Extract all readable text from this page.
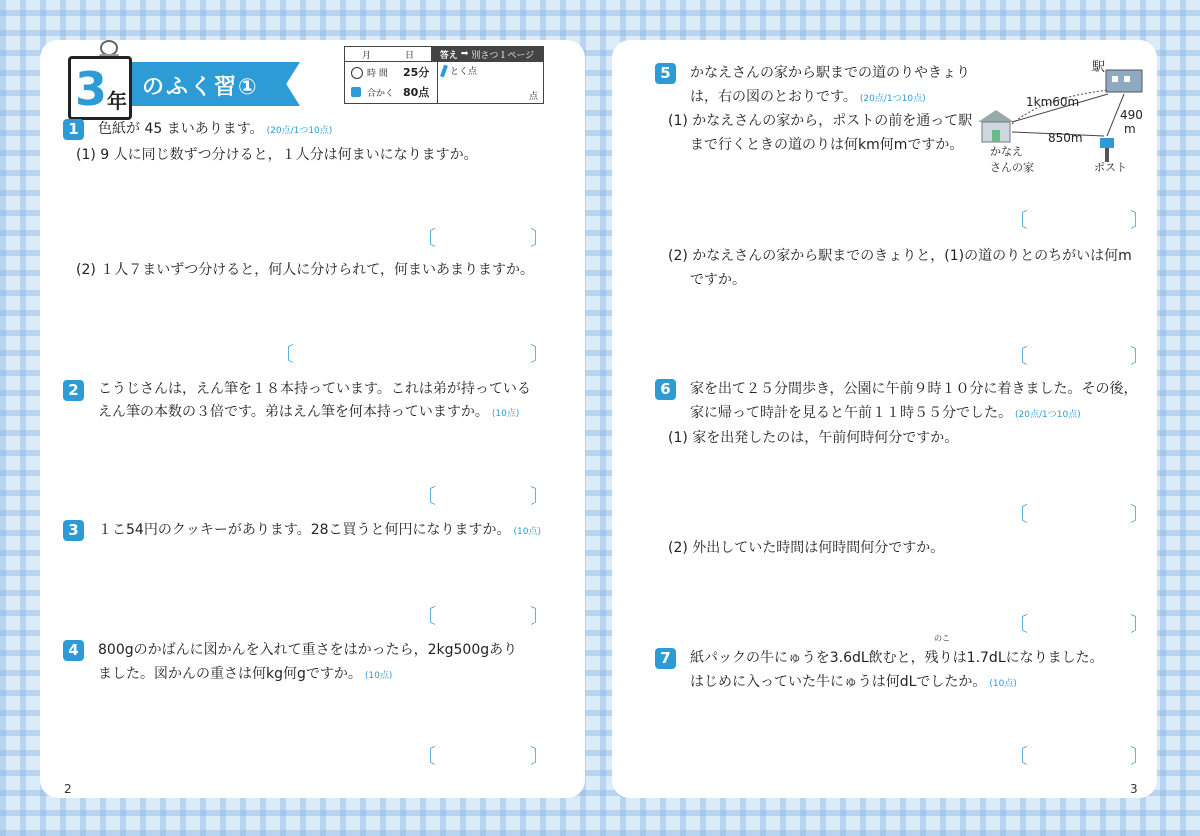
3 年
のふく習①
月	日	答え ➡ 別さつ１ページ
時 間 25分
合かく 80点
とく点
点
1	色紙が 45 まいあります。 (20点/1つ10点)
(1) 9 人に同じ数ずつ分けると，１人分は何まいになりますか。
〔	〕
(2) １人７まいずつ分けると，何人に分けられて，何まいあまりますか。
〔	〕
2	こうじさんは，えん筆を１８本持っています。これは弟が持っている
えん筆の本数の３倍です。弟はえん筆を何本持っていますか。 (10点)
〔	〕
3	１こ54円のクッキーがあります。28こ買うと何円になりますか。 (10点)
〔	〕
4	800gのかばんに図かんを入れて重さをはかったら，2kg500gあり
ました。図かんの重さは何kg何gですか。 (10点)
〔	〕
2
5	かなえさんの家から駅までの道のりやきょり
は，右の図のとおりです。 (20点/1つ10点)
(1) かなえさんの家から，ポストの前を通って駅
まで行くときの道のりは何km何mですか。
駅
1km60m
850m
490
m
かなえ
さんの家	ポスト
〔	〕
(2) かなえさんの家から駅までのきょりと，(1)の道のりとのちがいは何m
ですか。
〔	〕
6	家を出て２５分間歩き，公園に午前９時１０分に着きました。その後，
家に帰って時計を見ると午前１１時５５分でした。 (20点/1つ10点)
(1) 家を出発したのは，午前何時何分ですか。
〔	〕
(2) 外出していた時間は何時間何分ですか。
〔	〕
7
のこ
紙パックの牛にゅうを3.6dL飲むと，残りは1.7dLになりました。
はじめに入っていた牛にゅうは何dLでしたか。 (10点)
〔	〕
3
